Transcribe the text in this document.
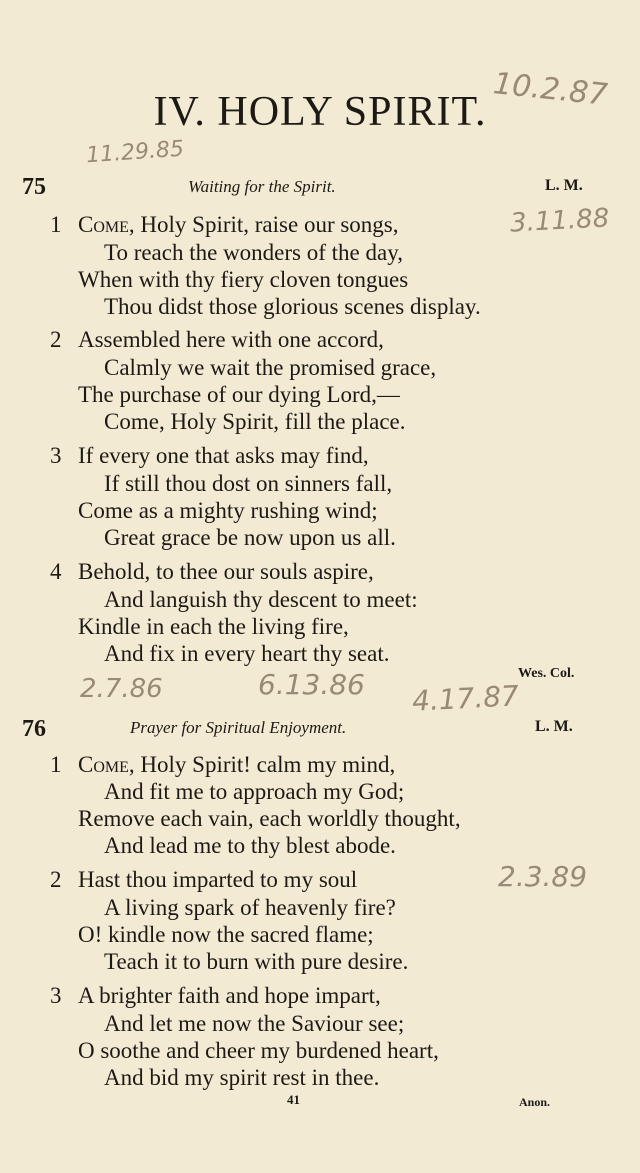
IV. HOLY SPIRIT. 10.2.87
11.29.85
75	Waiting for the Spirit.	L. M.
1 Come, Holy Spirit, raise our songs,	3.11.88
To reach the wonders of the day,
When with thy fiery cloven tongues
Thou didst those glorious scenes display.
2 Assembled here with one accord,
Calmly we wait the promised grace,
The purchase of our dying Lord,—
Come, Holy Spirit, fill the place.
3 If every one that asks may find,
If still thou dost on sinners fall,
Come as a mighty rushing wind;
Great grace be now upon us all.
4 Behold, to thee our souls aspire,
And languish thy descent to meet:
Kindle in each the living fire,
And fix in every heart thy seat.
Wes. Col.
2.7.86	6.13.86 4.17.87
76	Prayer for Spiritual Enjoyment.	L. M.
1 Come, Holy Spirit! calm my mind,
And fit me to approach my God;
Remove each vain, each worldly thought,
And lead me to thy blest abode.
2 Hast thou imparted to my soul	2.3.89
A living spark of heavenly fire?
O! kindle now the sacred flame;
Teach it to burn with pure desire.
3 A brighter faith and hope impart,
And let me now the Saviour see;
O soothe and cheer my burdened heart,
And bid my spirit rest in thee.
41	Anon.
